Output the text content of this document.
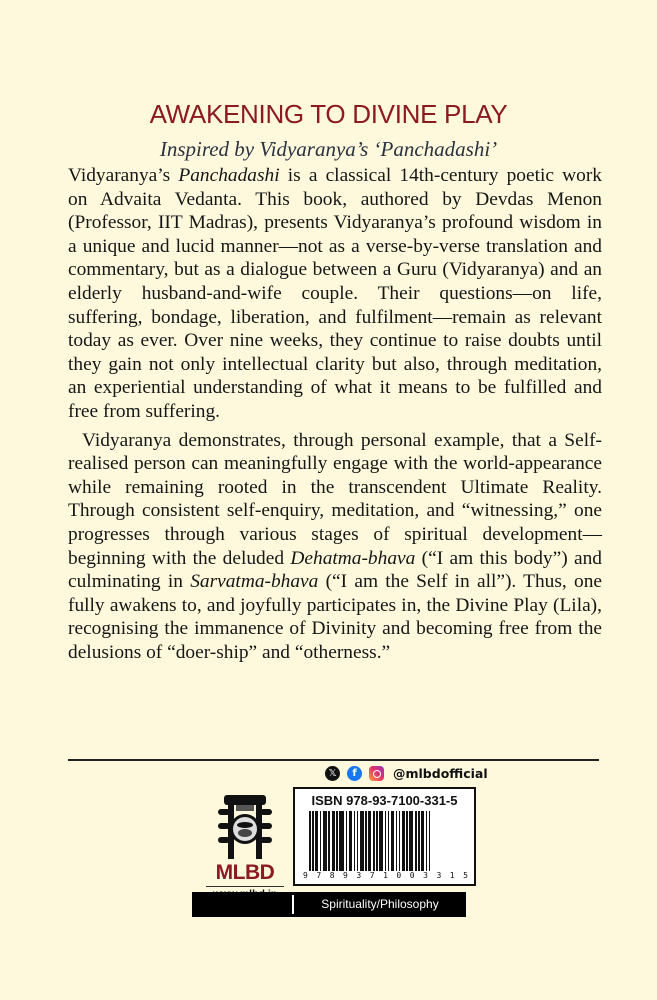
AWAKENING TO DIVINE PLAY
Inspired by Vidyaranya’s ‘Panchadashi’

Vidyaranya’s Panchadashi is a classical 14th-century poetic work on Advaita Vedanta. This book, authored by Devdas Menon (Professor, IIT Madras), presents Vidyaranya’s profound wisdom in a unique and lucid manner—not as a verse-by-verse translation and commentary, but as a dialogue between a Guru (Vidyaranya) and an elderly husband-and-wife couple. Their questions—on life, suffering, bondage, liberation, and fulfilment—remain as relevant today as ever. Over nine weeks, they continue to raise doubts until they gain not only intellectual clarity but also, through meditation, an experiential understanding of what it means to be fulfilled and free from suffering.

Vidyaranya demonstrates, through personal example, that a Self-realised person can meaningfully engage with the world-appearance while remaining rooted in the transcendent Ultimate Reality. Through consistent self-enquiry, meditation, and “witnessing,” one progresses through various stages of spiritual development—beginning with the deluded Dehatma-bhava (“I am this body”) and culminating in Sarvatma-bhava (“I am the Self in all”). Thus, one fully awakens to, and joyfully participates in, the Divine Play (Lila), recognising the immanence of Divinity and becoming free from the delusions of “doer-ship” and “otherness.”

𝕏	f	@mlbdofficial
MLBD
ISBN 978-93-7100-331-5
9 7 8 9 3 7 1 0 0 3 3 1 5
Spirituality/Philosophy
